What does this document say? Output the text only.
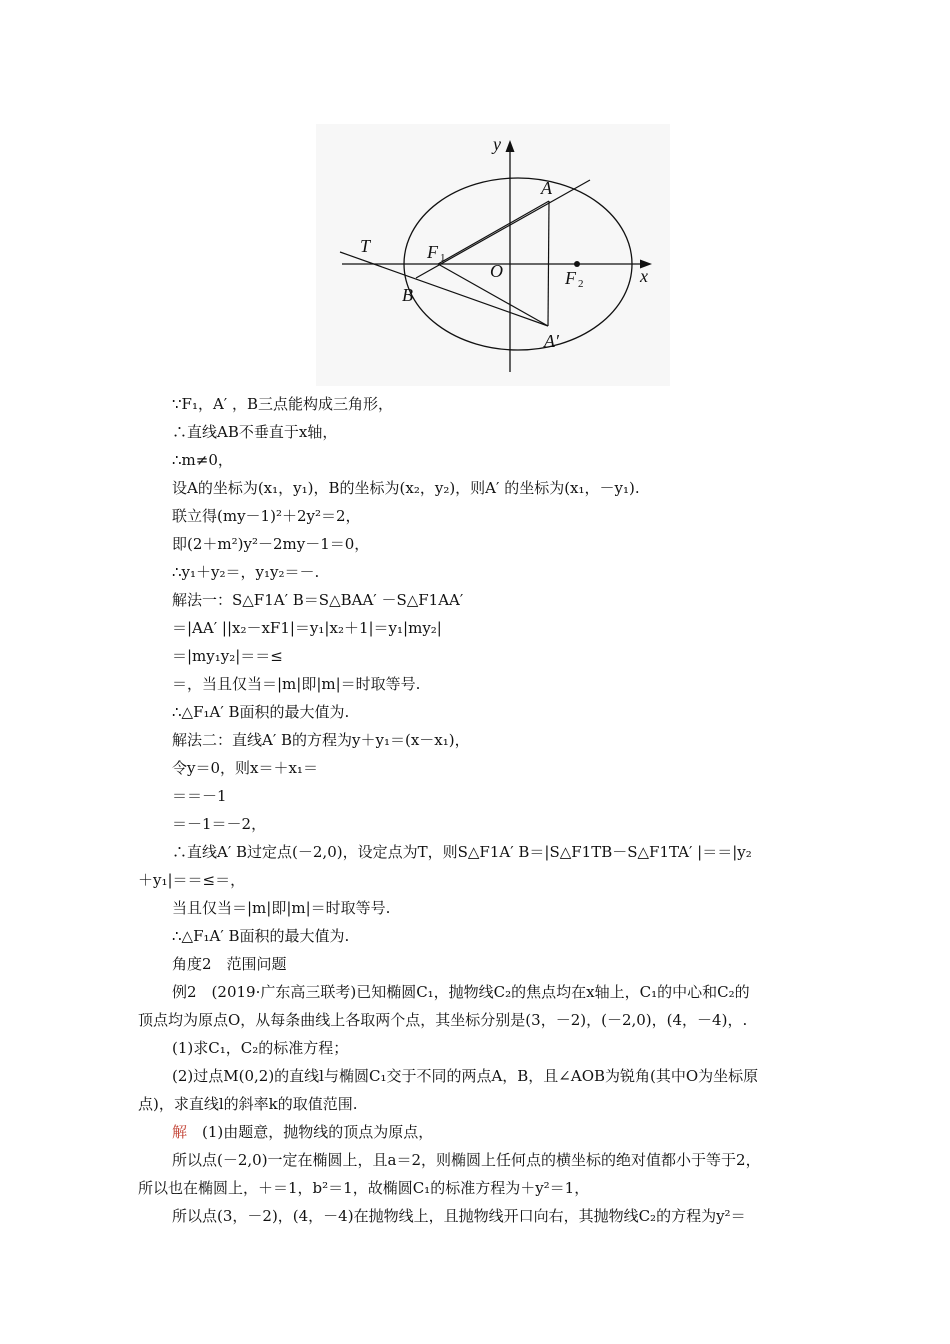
y
x
A
T	F 1
O	F 2
B
A′
∵F₁，A′ ，B三点能构成三角形，
∴直线AB不垂直于x轴，
∴m≠0，
设A的坐标为(x₁，y₁)，B的坐标为(x₂，y₂)，则A′ 的坐标为(x₁，－y₁).
联立得(my－1)²＋2y²＝2，
即(2＋m²)y²－2my－1＝0，
∴y₁＋y₂＝，y₁y₂＝－.
解法一：S△F1A′ B＝S△BAA′ －S△F1AA′
＝|AA′ ||x₂－xF1|＝y₁|x₂＋1|＝y₁|my₂|
＝|my₁y₂|＝＝≤
＝，当且仅当＝|m|即|m|＝时取等号.
∴△F₁A′ B面积的最大值为.
解法二：直线A′ B的方程为y＋y₁＝(x－x₁)，
令y＝0，则x＝＋x₁＝
＝＝－1
＝－1＝－2，
∴直线A′ B过定点(－2,0)，设定点为T，则S△F1A′ B＝|S△F1TB－S△F1TA′ |＝＝|y₂
＋y₁|＝＝≤＝，
当且仅当＝|m|即|m|＝时取等号.
∴△F₁A′ B面积的最大值为.
角度2　范围问题
例2　(2019·广东高三联考)已知椭圆C₁，抛物线C₂的焦点均在x轴上，C₁的中心和C₂的
顶点均为原点O，从每条曲线上各取两个点，其坐标分别是(3，－2)，(－2,0)，(4，－4)，.
(1)求C₁，C₂的标准方程；
(2)过点M(0,2)的直线l与椭圆C₁交于不同的两点A，B，且∠AOB为锐角(其中O为坐标原
点)，求直线l的斜率k的取值范围.
解　 (1)由题意，抛物线的顶点为原点，
所以点(－2,0)一定在椭圆上，且a＝2，则椭圆上任何点的横坐标的绝对值都小于等于2，
所以也在椭圆上，＋＝1，b²＝1，故椭圆C₁的标准方程为＋y²＝1，
所以点(3，－2)，(4，－4)在抛物线上，且抛物线开口向右，其抛物线C₂的方程为y²＝
